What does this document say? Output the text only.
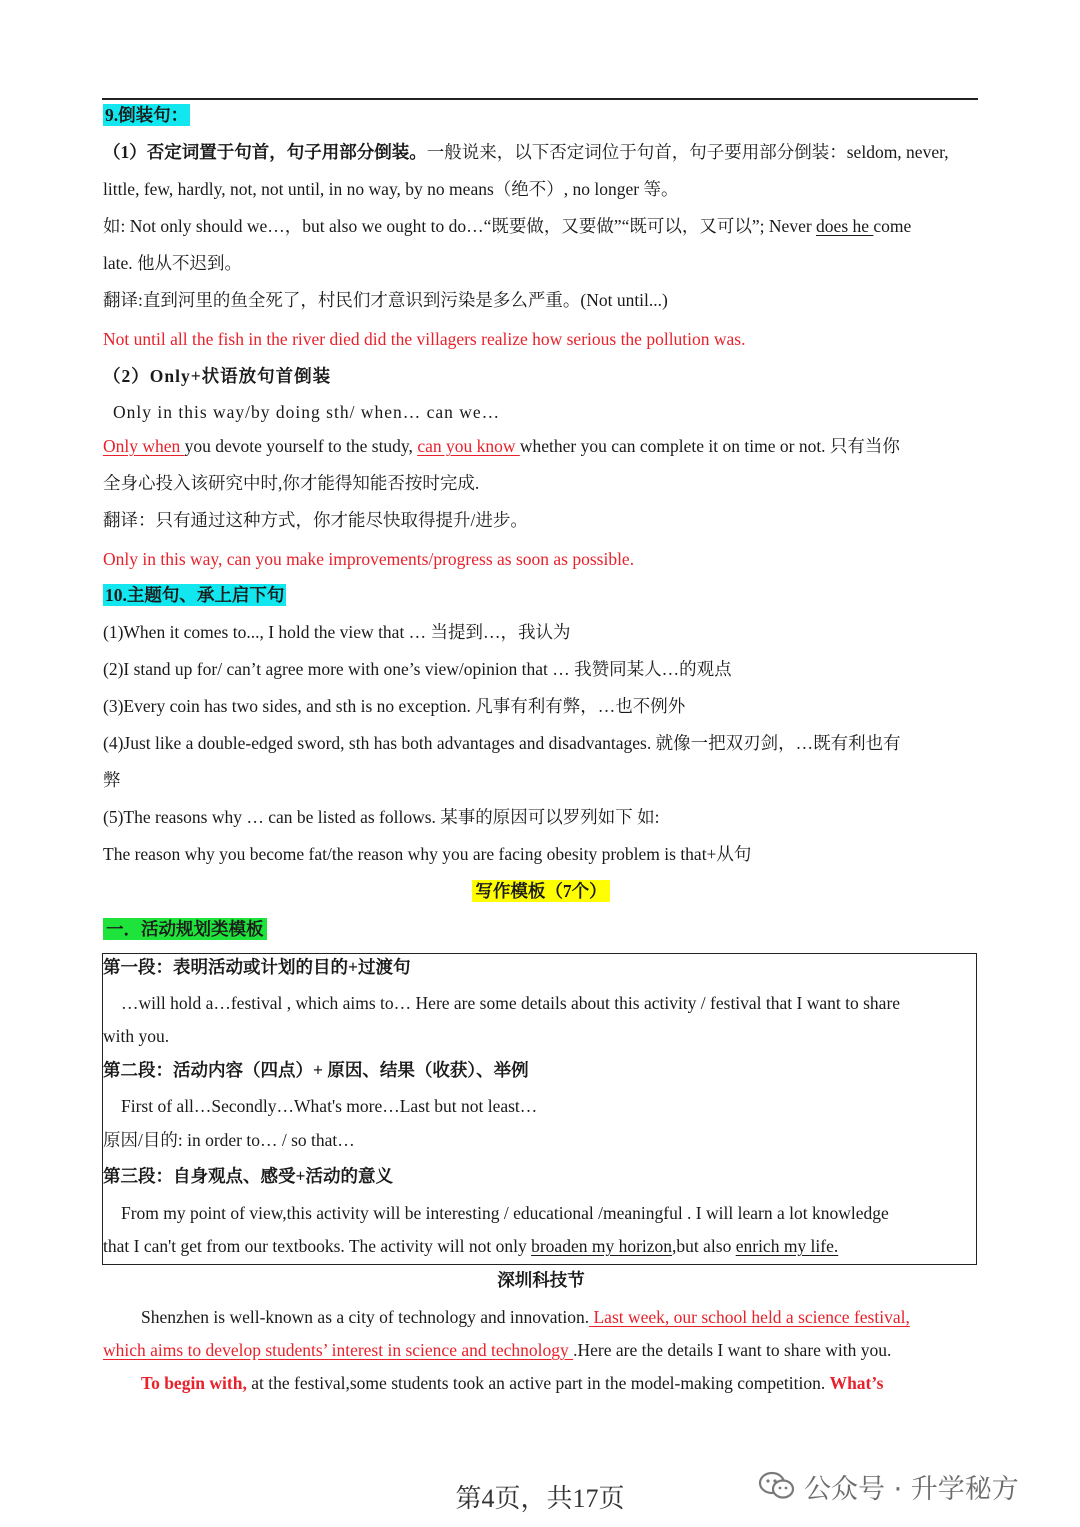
9.倒装句：
（1）否定词置于句首，句子用部分倒装。一般说来，以下否定词位于句首，句子要用部分倒装：seldom, never,
little, few, hardly, not, not until, in no way, by no means（绝不）, no longer 等。
如: Not only should we…，but also we ought to do…“既要做，又要做”“既可以，又可以”; Never does he come
late. 他从不迟到。
翻译:直到河里的鱼全死了，村民们才意识到污染是多么严重。(Not until...)
Not until all the fish in the river died did the villagers realize how serious the pollution was.
（2）Only+状语放句首倒装
Only in this way/by doing sth/ when… can we…
Only when you devote yourself to the study, can you know whether you can complete it on time or not. 只有当你
全身心投入该研究中时,你才能得知能否按时完成.
翻译：只有通过这种方式，你才能尽快取得提升/进步。
Only in this way, can you make improvements/progress as soon as possible.
10.主题句、承上启下句
(1)When it comes to..., I hold the view that … 当提到…，我认为
(2)I stand up for/ can’t agree more with one’s view/opinion that … 我赞同某人…的观点
(3)Every coin has two sides, and sth is no exception. 凡事有利有弊，…也不例外
(4)Just like a double-edged sword, sth has both advantages and disadvantages. 就像一把双刃剑，…既有利也有
弊
(5)The reasons why … can be listed as follows. 某事的原因可以罗列如下 如:
The reason why you become fat/the reason why you are facing obesity problem is that+从句
写作模板（7个）
一．活动规划类模板
第一段：表明活动或计划的目的+过渡句
…will hold a…festival , which aims to… Here are some details about this activity / festival that I want to share
with you.
第二段：活动内容（四点）+ 原因、结果（收获）、举例
First of all…Secondly…What's more…Last but not least…
原因/目的: in order to… / so that…
第三段：自身观点、感受+活动的意义
From my point of view,this activity will be interesting / educational /meaningful . I will learn a lot knowledge
that I can't get from our textbooks. The activity will not only broaden my horizon,but also enrich my life.
深圳科技节
Shenzhen is well-known as a city of technology and innovation. Last week, our school held a science festival,
which aims to develop students’ interest in science and technology .Here are the details I want to share with you.
To begin with, at the festival,some students took an active part in the model-making competition. What’s
第4页，共17页	公众号 · 升学秘方
